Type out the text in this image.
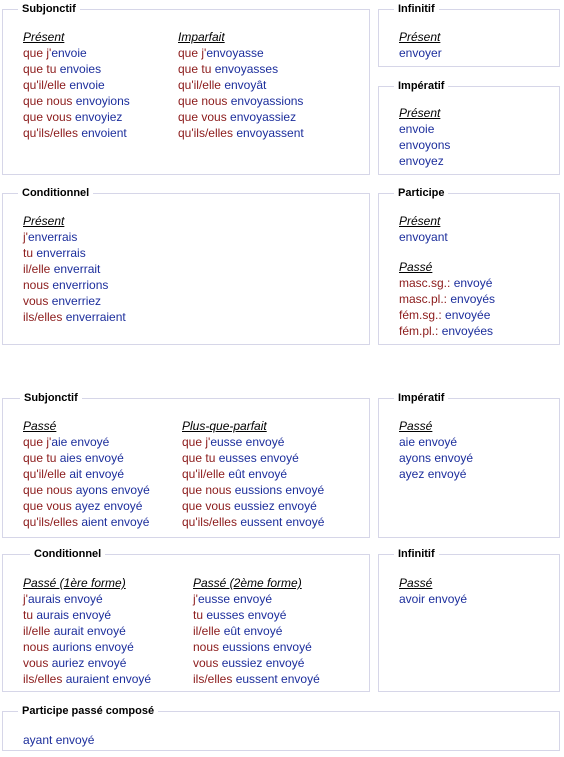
Subjonctif
Présent
que j'envoie
que tu envoies
qu'il/elle envoie
que nous envoyions
que vous envoyiez
qu'ils/elles envoient
Imparfait
que j'envoyasse
que tu envoyasses
qu'il/elle envoyât
que nous envoyassions
que vous envoyassiez
qu'ils/elles envoyassent
Infinitif
Présent
envoyer
Impératif
Présent
envoie
envoyons
envoyez
Conditionnel
Présent
j'enverrais
tu enverrais
il/elle enverrait
nous enverrions
vous enverriez
ils/elles enverraient
Participe
Présent
envoyant
Passé
masc.sg.: envoyé
masc.pl.: envoyés
fém.sg.: envoyée
fém.pl.: envoyées
Subjonctif
Passé
que j'aie envoyé
que tu aies envoyé
qu'il/elle ait envoyé
que nous ayons envoyé
que vous ayez envoyé
qu'ils/elles aient envoyé
Plus-que-parfait
que j'eusse envoyé
que tu eusses envoyé
qu'il/elle eût envoyé
que nous eussions envoyé
que vous eussiez envoyé
qu'ils/elles eussent envoyé
Impératif
Passé
aie envoyé
ayons envoyé
ayez envoyé
Conditionnel
Passé (1ère forme)
j'aurais envoyé
tu aurais envoyé
il/elle aurait envoyé
nous aurions envoyé
vous auriez envoyé
ils/elles auraient envoyé
Passé (2ème forme)
j'eusse envoyé
tu eusses envoyé
il/elle eût envoyé
nous eussions envoyé
vous eussiez envoyé
ils/elles eussent envoyé
Infinitif
Passé
avoir envoyé
Participe passé composé
ayant envoyé
